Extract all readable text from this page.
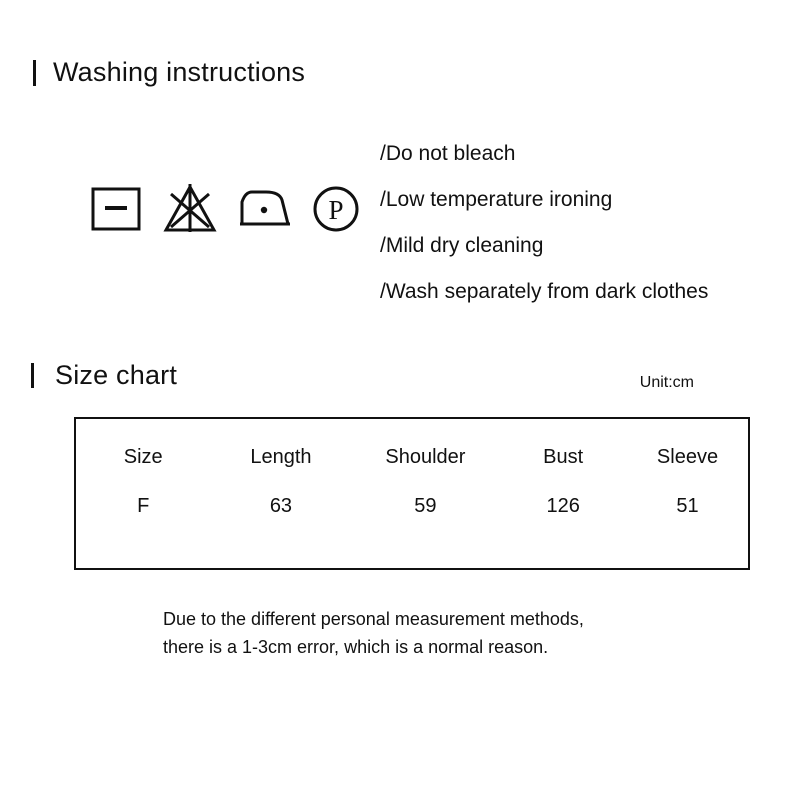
Washing instructions
P
/Do not bleach
/Low temperature ironing
/Mild dry cleaning
/Wash separately from dark clothes
Size chart	Unit:cm
Size	Length	Shoulder	Bust	Sleeve
F	63	59	126	51
Due to the different personal measurement methods,
there is a 1-3cm error, which is a normal reason.
